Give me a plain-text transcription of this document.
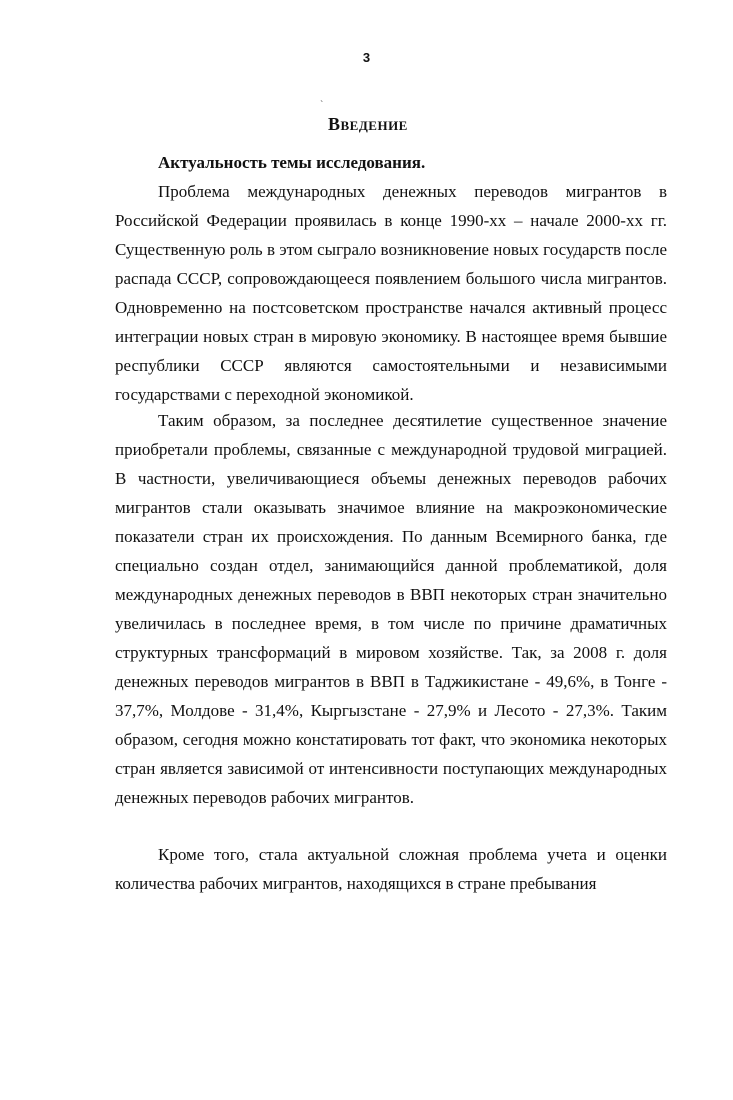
3
`
Введение
Актуальность темы исследования.

Проблема международных денежных переводов мигрантов в Российской Федерации проявилась в конце 1990-хх – начале 2000-хх гг. Существенную роль в этом сыграло возникновение новых государств после распада СССР, сопровождающееся появлением большого числа мигрантов. Одновременно на постсоветском пространстве начался активный процесс интеграции новых стран в мировую экономику. В настоящее время бывшие республики СССР являются самостоятельными и независимыми государствами с переходной экономикой.

Таким образом, за последнее десятилетие существенное значение приобретали проблемы, связанные с международной трудовой миграцией. В частности, увеличивающиеся объемы денежных переводов рабочих мигрантов стали оказывать значимое влияние на макроэкономические показатели стран их происхождения. По данным Всемирного банка, где специально создан отдел, занимающийся данной проблематикой, доля международных денежных переводов в ВВП некоторых стран значительно увеличилась в последнее время, в том числе по причине драматичных структурных трансформаций в мировом хозяйстве. Так, за 2008 г. доля денежных переводов мигрантов в ВВП в Таджикистане - 49,6%, в Тонге - 37,7%, Молдове - 31,4%, Кыргызстане - 27,9% и Лесото - 27,3%. Таким образом, сегодня можно констатировать тот факт, что экономика некоторых стран является зависимой от интенсивности поступающих международных денежных переводов рабочих мигрантов.

Кроме того, стала актуальной сложная проблема учета и оценки количества рабочих мигрантов, находящихся в стране пребывания
